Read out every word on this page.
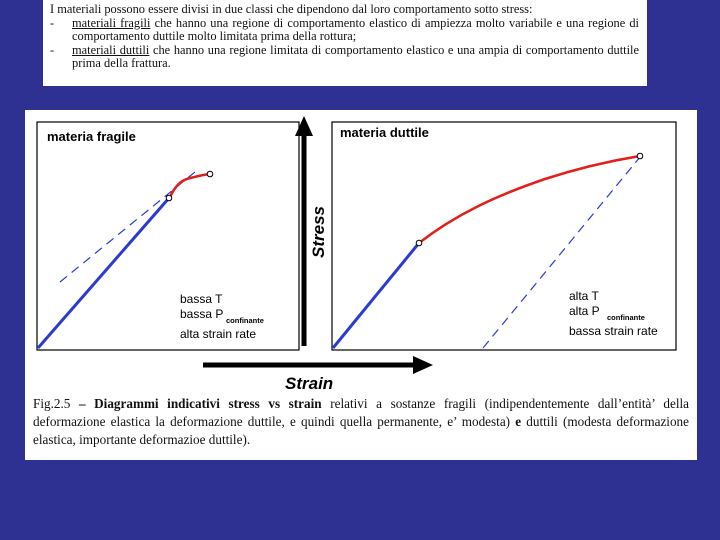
I materiali possono essere divisi in due classi che dipendono dal loro comportamento sotto stress:

-	materiali fragili che hanno una regione di comportamento elastico di ampiezza molto variabile e una regione di comportamento duttile molto limitata prima della rottura;
-	materiali duttili che hanno una regione limitata di comportamento elastico e una ampia di comportamento duttile prima della frattura.
materia fragile
bassa T
bassa P confinante
alta strain rate
Stress
Strain
materia duttile
alta T
alta P confinante
bassa strain rate

Fig.2.5 – Diagrammi indicativi stress vs strain relativi a sostanze fragili (indipendentemente dall’entità’ della deformazione elastica la deformazione duttile, e quindi quella permanente, e’ modesta) e duttili (modesta deformazione elastica, importante deformazioe duttile).
